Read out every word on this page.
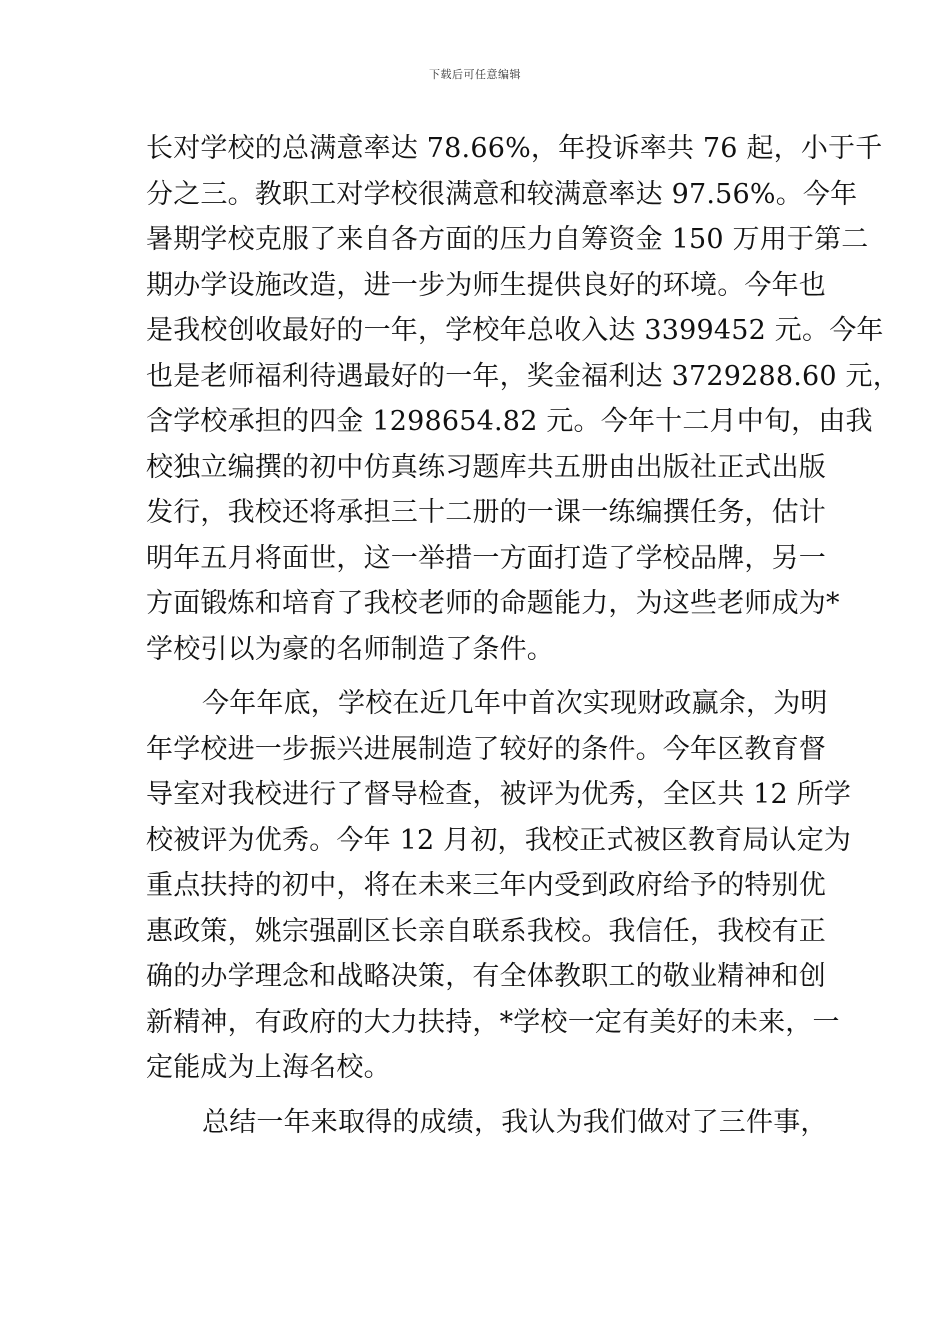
下载后可任意编辑
长对学校的总满意率达 78.66%，年投诉率共 76 起，小于千
分之三。教职工对学校很满意和较满意率达 97.56%。今年
暑期学校克服了来自各方面的压力自筹资金 150 万用于第二
期办学设施改造，进一步为师生提供良好的环境。今年也
是我校创收最好的一年，学校年总收入达 3399452 元。今年
也是老师福利待遇最好的一年，奖金福利达 3729288.60 元，
含学校承担的四金 1298654.82 元。今年十二月中旬，由我
校独立编撰的初中仿真练习题库共五册由出版社正式出版
发行，我校还将承担三十二册的一课一练编撰任务，估计
明年五月将面世，这一举措一方面打造了学校品牌，另一
方面锻炼和培育了我校老师的命题能力，为这些老师成为*
学校引以为豪的名师制造了条件。
今年年底，学校在近几年中首次实现财政赢余，为明
年学校进一步振兴进展制造了较好的条件。今年区教育督
导室对我校进行了督导检查，被评为优秀，全区共 12 所学
校被评为优秀。今年 12 月初，我校正式被区教育局认定为
重点扶持的初中，将在未来三年内受到政府给予的特别优
惠政策，姚宗强副区长亲自联系我校。我信任，我校有正
确的办学理念和战略决策，有全体教职工的敬业精神和创
新精神，有政府的大力扶持，*学校一定有美好的未来，一
定能成为上海名校。
总结一年来取得的成绩，我认为我们做对了三件事，
